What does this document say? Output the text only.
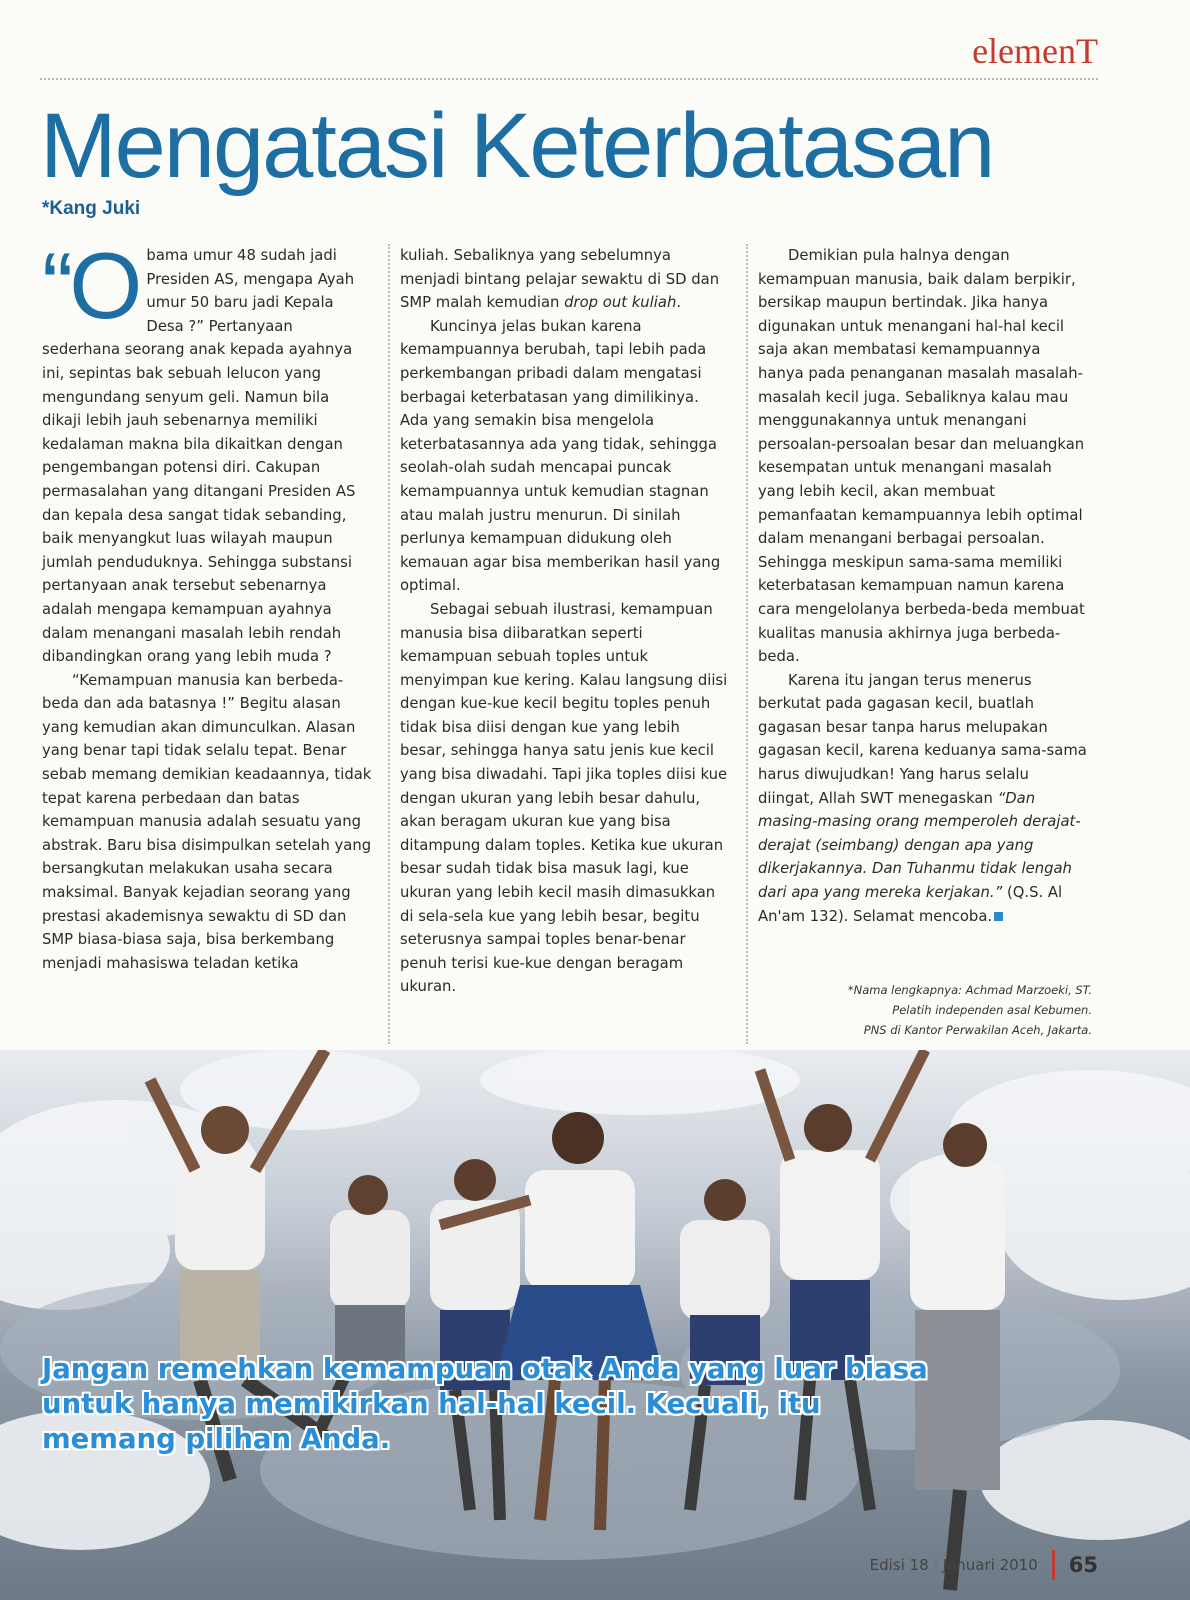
elemenT
Mengatasi Keterbatasan
*Kang Juki

“O bama umur 48 sudah jadi Presiden AS, mengapa Ayah umur 50 baru jadi Kepala Desa ?” Pertanyaan sederhana seorang anak kepada ayahnya ini, sepintas bak sebuah lelucon yang mengundang senyum geli. Namun bila dikaji lebih jauh sebenarnya memiliki kedalaman makna bila dikaitkan dengan pengembangan potensi diri. Cakupan permasalahan yang ditangani Presiden AS dan kepala desa sangat tidak sebanding, baik menyangkut luas wilayah maupun jumlah penduduknya. Sehingga substansi pertanyaan anak tersebut sebenarnya adalah mengapa kemampuan ayahnya dalam menangani masalah lebih rendah dibandingkan orang yang lebih muda ?

“Kemampuan manusia kan berbeda-beda dan ada batasnya !” Begitu alasan yang kemudian akan dimunculkan. Alasan yang benar tapi tidak selalu tepat. Benar sebab memang demikian keadaannya, tidak tepat karena perbedaan dan batas kemampuan manusia adalah sesuatu yang abstrak. Baru bisa disimpulkan setelah yang bersangkutan melakukan usaha secara maksimal. Banyak kejadian seorang yang prestasi akademisnya sewaktu di SD dan SMP biasa-biasa saja, bisa berkembang menjadi mahasiswa teladan ketika

kuliah. Sebaliknya yang sebelumnya menjadi bintang pelajar sewaktu di SD dan SMP malah kemudian drop out kuliah.

Kuncinya jelas bukan karena kemampuannya berubah, tapi lebih pada perkembangan pribadi dalam mengatasi berbagai keterbatasan yang dimilikinya. Ada yang semakin bisa mengelola keterbatasannya ada yang tidak, sehingga seolah-olah sudah mencapai puncak kemampuannya untuk kemudian stagnan atau malah justru menurun. Di sinilah perlunya kemampuan didukung oleh kemauan agar bisa memberikan hasil yang optimal.

Sebagai sebuah ilustrasi, kemampuan manusia bisa diibaratkan seperti kemampuan sebuah toples untuk menyimpan kue kering. Kalau langsung diisi dengan kue-kue kecil begitu toples penuh tidak bisa diisi dengan kue yang lebih besar, sehingga hanya satu jenis kue kecil yang bisa diwadahi. Tapi jika toples diisi kue dengan ukuran yang lebih besar dahulu, akan beragam ukuran kue yang bisa ditampung dalam toples. Ketika kue ukuran besar sudah tidak bisa masuk lagi, kue ukuran yang lebih kecil masih dimasukkan di sela-sela kue yang lebih besar, begitu seterusnya sampai toples benar-benar penuh terisi kue-kue dengan beragam ukuran.

Demikian pula halnya dengan kemampuan manusia, baik dalam berpikir, bersikap maupun bertindak. Jika hanya digunakan untuk menangani hal-hal kecil saja akan membatasi kemampuannya hanya pada penanganan masalah masalah-masalah kecil juga. Sebaliknya kalau mau menggunakannya untuk menangani persoalan-persoalan besar dan meluangkan kesempatan untuk menangani masalah yang lebih kecil, akan membuat pemanfaatan kemampuannya lebih optimal dalam menangani berbagai persoalan. Sehingga meskipun sama-sama memiliki keterbatasan kemampuan namun karena cara mengelolanya berbeda-beda membuat kualitas manusia akhirnya juga berbeda-beda.

Karena itu jangan terus menerus berkutat pada gagasan kecil, buatlah gagasan besar tanpa harus melupakan gagasan kecil, karena keduanya sama-sama harus diwujudkan! Yang harus selalu diingat, Allah SWT menegaskan “Dan masing-masing orang memperoleh derajat-derajat (seimbang) dengan apa yang dikerjakannya. Dan Tuhanmu tidak lengah dari apa yang mereka kerjakan.” (Q.S. Al An'am 132). Selamat mencoba.

*Nama lengkapnya: Achmad Marzoeki, ST.
Pelatih independen asal Kebumen.
PNS di Kantor Perwakilan Aceh, Jakarta.
Jangan remehkan kemampuan otak Anda yang luar biasa untuk hanya memikirkan hal-hal kecil. Kecuali, itu memang pilihan Anda.
Edisi 18 Januari 2010 65
